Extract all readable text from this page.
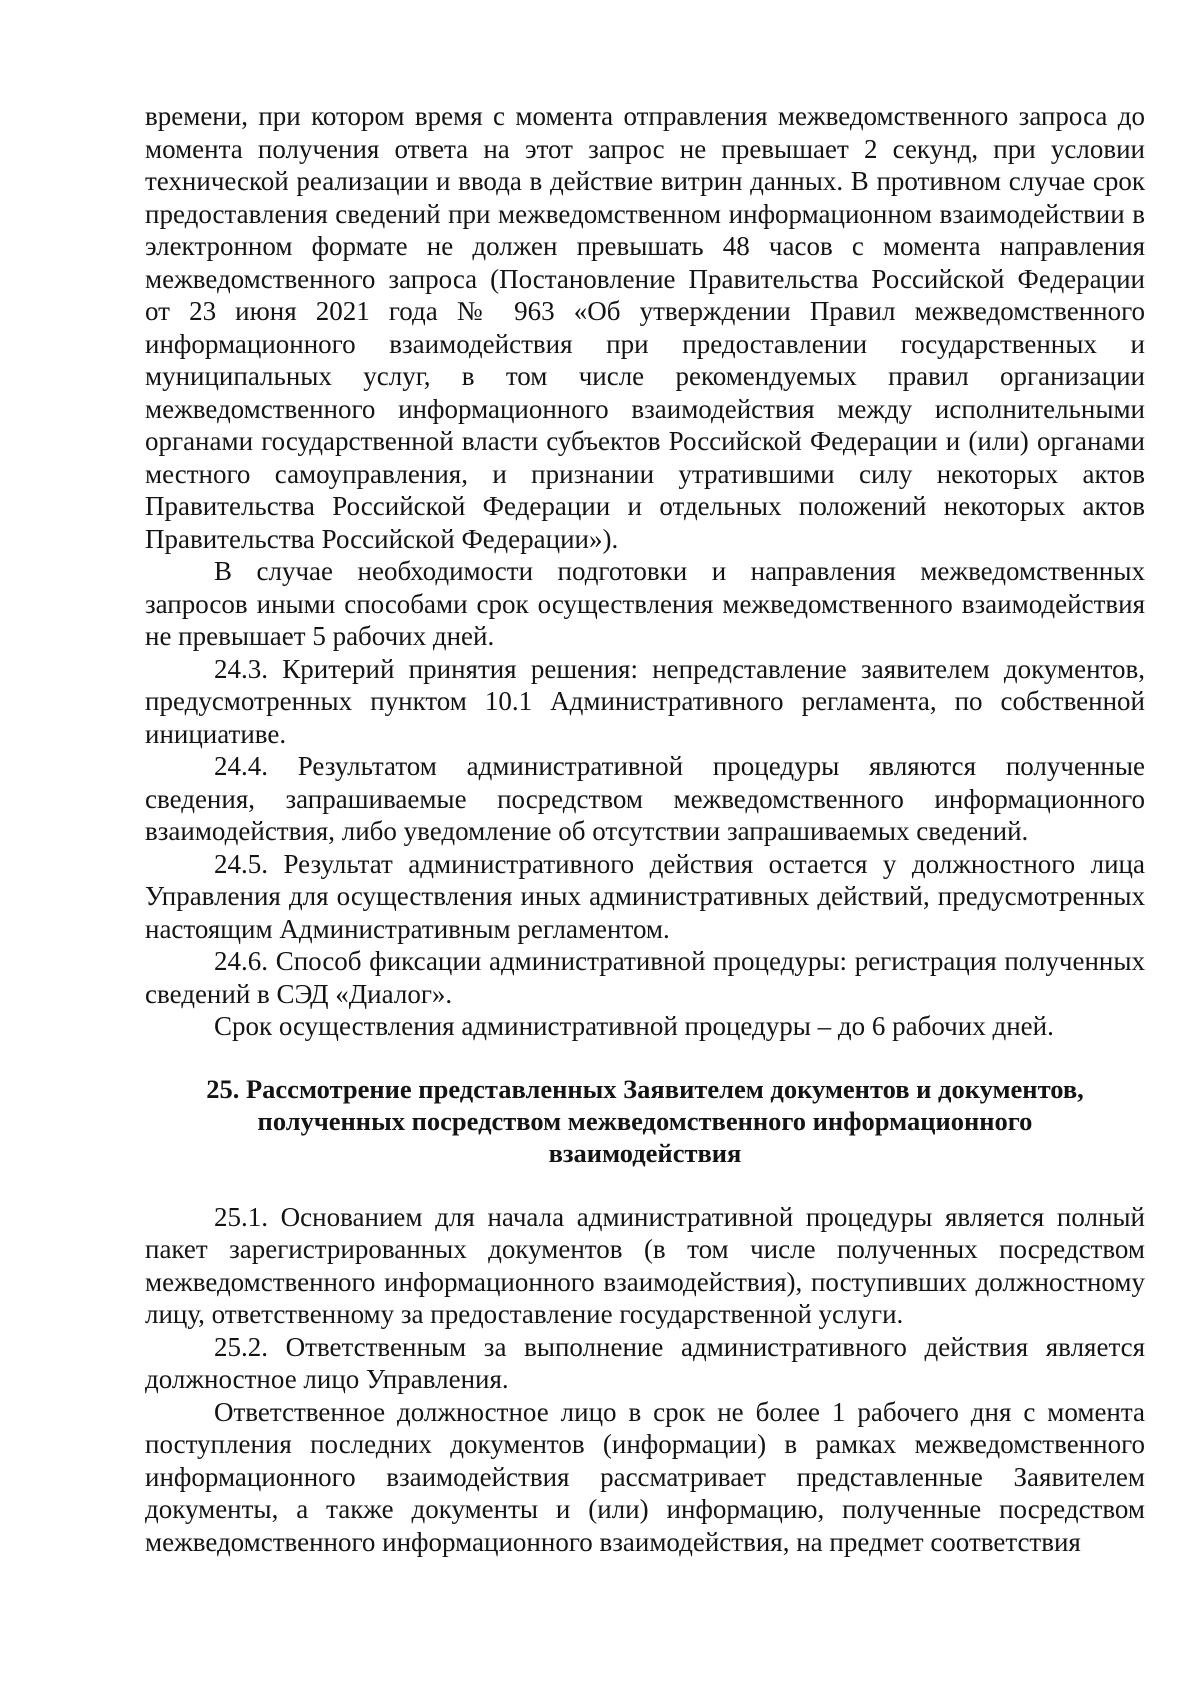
времени, при котором время с момента отправления межведомственного запроса до момента получения ответа на этот запрос не превышает 2 секунд, при условии технической реализации и ввода в действие витрин данных. В противном случае срок предоставления сведений при межведомственном информационном взаимодействии в электронном формате не должен превышать 48 часов с момента направления межведомственного запроса (Постановление Правительства Российской Федерации от 23 июня 2021 года № 963 «Об утверждении Правил межведомственного информационного взаимодействия при предоставлении государственных и муниципальных услуг, в том числе рекомендуемых правил организации межведомственного информационного взаимодействия между исполнительными органами государственной власти субъектов Российской Федерации и (или) органами местного самоуправления, и признании утратившими силу некоторых актов Правительства Российской Федерации и отдельных положений некоторых актов Правительства Российской Федерации»).

В случае необходимости подготовки и направления межведомственных запросов иными способами срок осуществления межведомственного взаимодействия не превышает 5 рабочих дней.

24.3. Критерий принятия решения: непредставление заявителем документов, предусмотренных пунктом 10.1 Административного регламента, по собственной инициативе.

24.4. Результатом административной процедуры являются полученные сведения, запрашиваемые посредством межведомственного информационного взаимодействия, либо уведомление об отсутствии запрашиваемых сведений.

24.5. Результат административного действия остается у должностного лица Управления для осуществления иных административных действий, предусмотренных настоящим Административным регламентом.

24.6. Способ фиксации административной процедуры: регистрация полученных сведений в СЭД «Диалог».

Срок осуществления административной процедуры – до 6 рабочих дней.

25. Рассмотрение представленных Заявителем документов и документов, полученных посредством межведомственного информационного взаимодействия

25.1. Основанием для начала административной процедуры является полный пакет зарегистрированных документов (в том числе полученных посредством межведомственного информационного взаимодействия), поступивших должностному лицу, ответственному за предоставление государственной услуги.

25.2. Ответственным за выполнение административного действия является должностное лицо Управления.

Ответственное должностное лицо в срок не более 1 рабочего дня с момента поступления последних документов (информации) в рамках межведомственного информационного взаимодействия рассматривает представленные Заявителем документы, а также документы и (или) информацию, полученные посредством межведомственного информационного взаимодействия, на предмет соответствия
